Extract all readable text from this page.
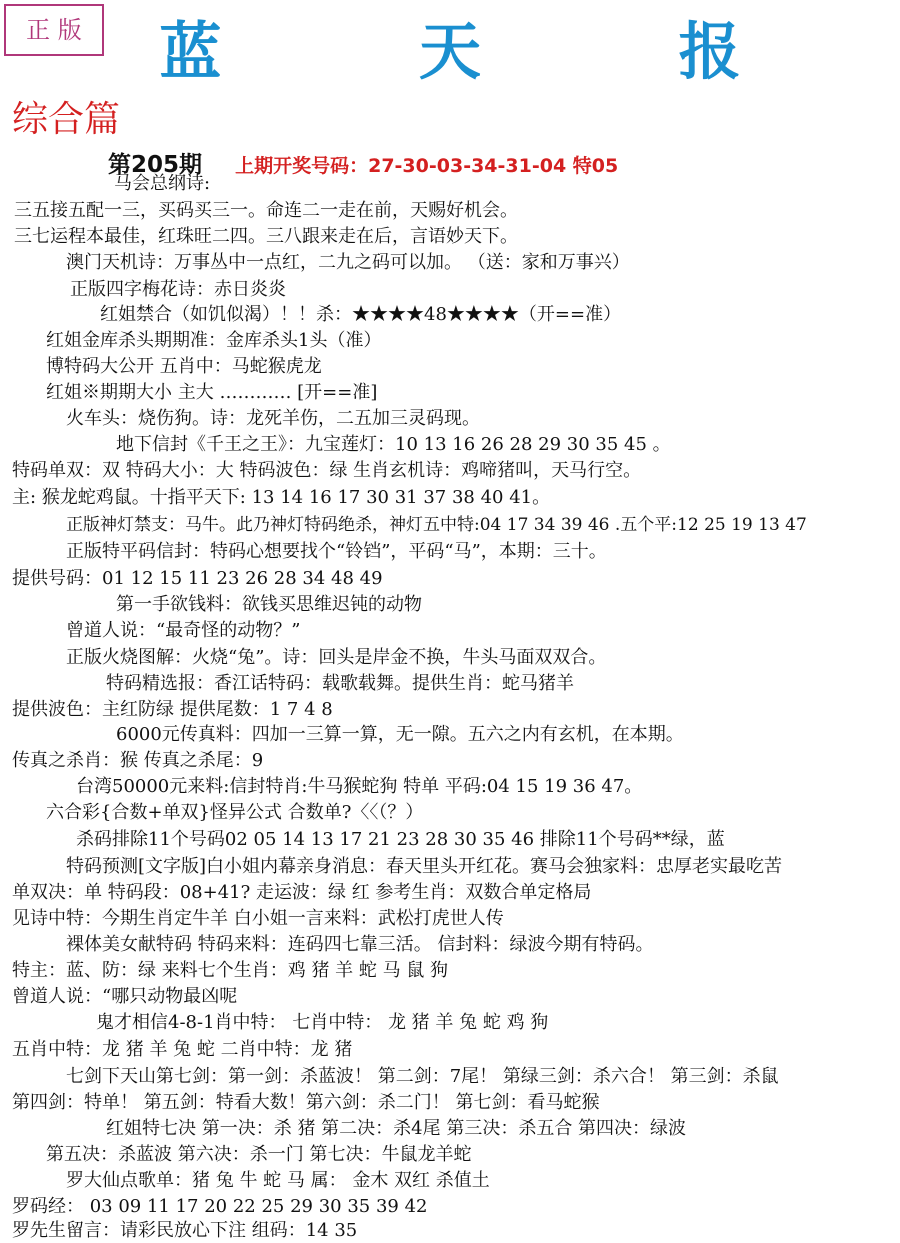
正 版	蓝 天 报
综合篇
第205期 上期开奖号码：27-30-03-34-31-04 特05
马会总纲诗:
三五接五配一三，买码买三一。命连二一走在前，天赐好机会。
三七运程本最佳，红珠旺二四。三八跟来走在后，言语妙天下。
澳门天机诗：万事丛中一点红，二九之码可以加。 （送：家和万事兴）
正版四字梅花诗：赤日炎炎
红姐禁合（如饥似渴）！！杀：★★★★48★★★★（开==准）
红姐金库杀头期期准：金库杀头1头（准）
博特码大公开 五肖中：马蛇猴虎龙
红姐※期期大小 主大 ………… [开==准]
火车头：烧伤狗。诗：龙死羊伤，二五加三灵码现。
地下信封《千王之王》：九宝莲灯：10 13 16 26 28 29 30 35 45 。
特码单双：双 特码大小：大 特码波色：绿 生肖玄机诗：鸡啼猪叫，天马行空。
主: 猴龙蛇鸡鼠。十指平天下: 13 14 16 17 30 31 37 38 40 41。
正版神灯禁支：马牛。此乃神灯特码绝杀，神灯五中特:04 17 34 39 46 .五个平:12 25 19 13 47
正版特平码信封：特码心想要找个“铃铛”，平码“马”，本期：三十。
提供号码：01 12 15 11 23 26 28 34 48 49
第一手欲钱料：欲钱买思维迟钝的动物
曾道人说：“最奇怪的动物？”
正版火烧图解：火烧“兔”。诗：回头是岸金不换，牛头马面双双合。
特码精选报：香江话特码：载歌载舞。提供生肖：蛇马猪羊
提供波色：主红防绿 提供尾数：1 7 4 8
6000元传真料：四加一三算一算，无一隙。五六之内有玄机，在本期。
传真之杀肖：猴 传真之杀尾：9
台湾50000元来料:信封特肖:牛马猴蛇狗 特单 平码:04 15 19 36 47。
六合彩{合数+单双}怪异公式 合数单?〈〈（？）
杀码排除11个号码02 05 14 13 17 21 23 28 30 35 46 排除11个号码**绿，蓝
特码预测[文字版]白小姐内幕亲身消息：春天里头开红花。赛马会独家料：忠厚老实最吃苦
单双决：单 特码段：08+41? 走运波：绿 红 参考生肖：双数合单定格局
见诗中特：今期生肖定牛羊 白小姐一言来料：武松打虎世人传
裸体美女献特码 特码来料：连码四七靠三活。 信封料：绿波今期有特码。
特主：蓝、防：绿 来料七个生肖：鸡 猪 羊 蛇 马 鼠 狗
曾道人说：“哪只动物最凶呢
鬼才相信4-8-1肖中特： 七肖中特： 龙 猪 羊 兔 蛇 鸡 狗
五肖中特：龙 猪 羊 兔 蛇 二肖中特：龙 猪
七剑下天山第七剑：第一剑：杀蓝波！ 第二剑：7尾！ 第绿三剑：杀六合！ 第三剑：杀鼠
第四剑：特单！ 第五剑：特看大数！第六剑：杀二门！ 第七剑：看马蛇猴
红姐特七决 第一决：杀 猪 第二决：杀4尾 第三决：杀五合 第四决：绿波
第五决：杀蓝波 第六决：杀一门 第七决：牛鼠龙羊蛇
罗大仙点歌单：猪 兔 牛 蛇 马 属： 金木 双红 杀值土
罗码经： 03 09 11 17 20 22 25 29 30 35 39 42
罗先生留言：请彩民放心下注 组码：14 35
